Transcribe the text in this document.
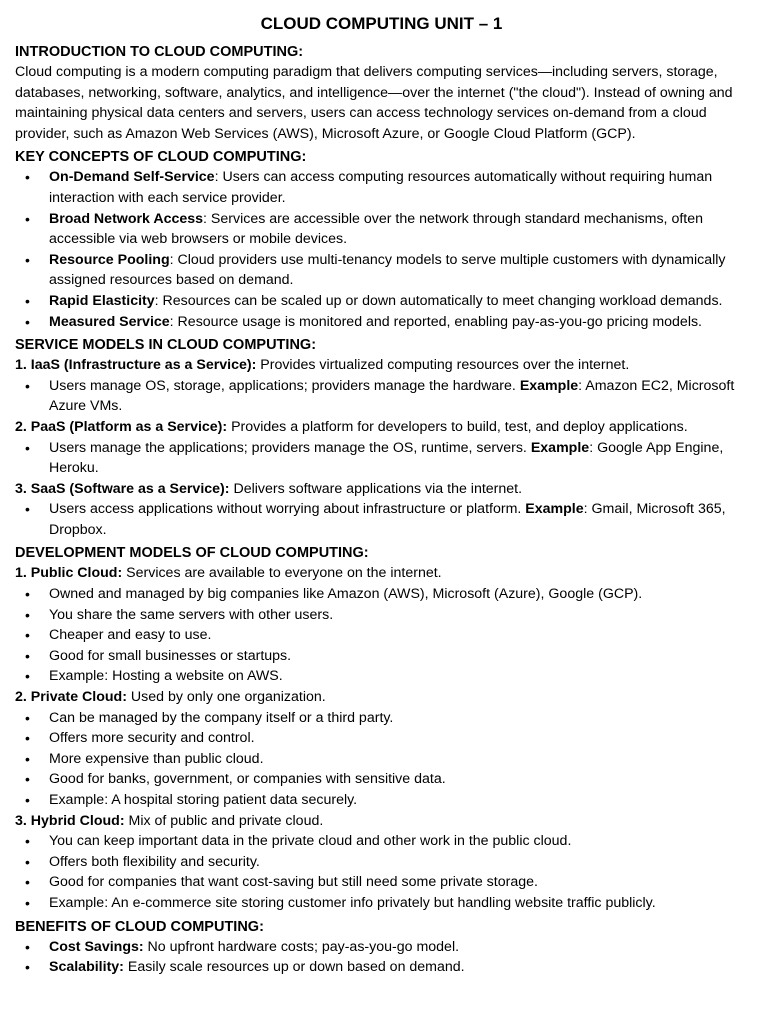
CLOUD COMPUTING UNIT – 1
INTRODUCTION TO CLOUD COMPUTING:

Cloud computing is a modern computing paradigm that delivers computing services—including servers, storage, databases, networking, software, analytics, and intelligence—over the internet ("the cloud"). Instead of owning and maintaining physical data centers and servers, users can access technology services on-demand from a cloud provider, such as Amazon Web Services (AWS), Microsoft Azure, or Google Cloud Platform (GCP).

KEY CONCEPTS OF CLOUD COMPUTING:
• On-Demand Self-Service: Users can access computing resources automatically without requiring human interaction with each service provider.
• Broad Network Access: Services are accessible over the network through standard mechanisms, often accessible via web browsers or mobile devices.
• Resource Pooling: Cloud providers use multi-tenancy models to serve multiple customers with dynamically assigned resources based on demand.
• Rapid Elasticity: Resources can be scaled up or down automatically to meet changing workload demands.
• Measured Service: Resource usage is monitored and reported, enabling pay-as-you-go pricing models.
SERVICE MODELS IN CLOUD COMPUTING:

1. IaaS (Infrastructure as a Service): Provides virtualized computing resources over the internet.

• Users manage OS, storage, applications; providers manage the hardware. Example: Amazon EC2, Microsoft Azure VMs.

2. PaaS (Platform as a Service): Provides a platform for developers to build, test, and deploy applications.

• Users manage the applications; providers manage the OS, runtime, servers. Example: Google App Engine, Heroku.

3. SaaS (Software as a Service): Delivers software applications via the internet.

• Users access applications without worrying about infrastructure or platform. Example: Gmail, Microsoft 365, Dropbox.
DEVELOPMENT MODELS OF CLOUD COMPUTING:

1. Public Cloud: Services are available to everyone on the internet.

• Owned and managed by big companies like Amazon (AWS), Microsoft (Azure), Google (GCP).
• You share the same servers with other users.
• Cheaper and easy to use.
• Good for small businesses or startups.
• Example: Hosting a website on AWS.

2. Private Cloud: Used by only one organization.

• Can be managed by the company itself or a third party.
• Offers more security and control.
• More expensive than public cloud.
• Good for banks, government, or companies with sensitive data.
• Example: A hospital storing patient data securely.

3. Hybrid Cloud: Mix of public and private cloud.

• You can keep important data in the private cloud and other work in the public cloud.
• Offers both flexibility and security.
• Good for companies that want cost-saving but still need some private storage.
• Example: An e-commerce site storing customer info privately but handling website traffic publicly.
BENEFITS OF CLOUD COMPUTING:
• Cost Savings: No upfront hardware costs; pay-as-you-go model.
• Scalability: Easily scale resources up or down based on demand.
